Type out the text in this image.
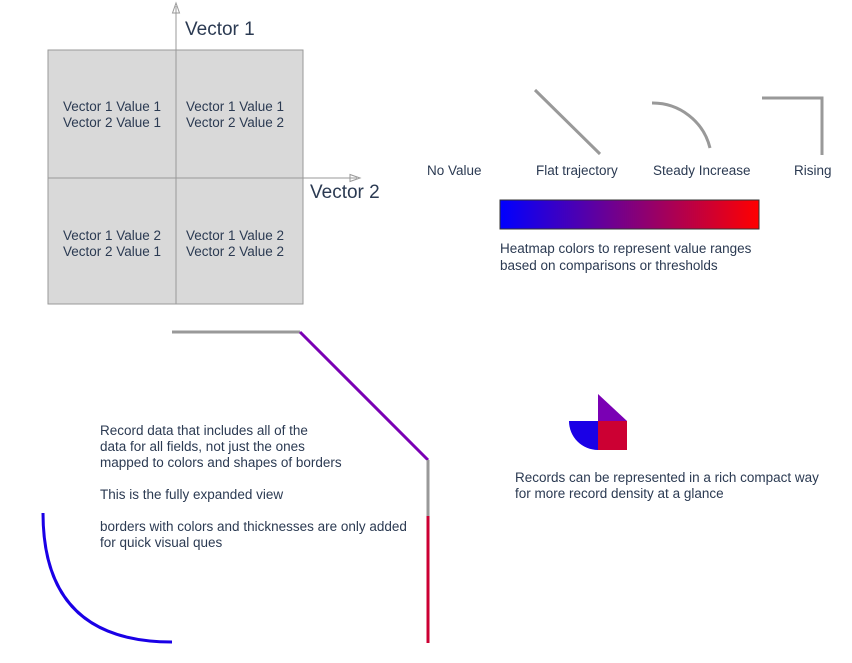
Vector 1
Vector 2
Vector 1 Value 1
Vector 2 Value 1
Vector 1 Value 1
Vector 2 Value 2
Vector 1 Value 2
Vector 2 Value 1
Vector 1 Value 2
Vector 2 Value 2
No Value	Flat trajectory	Steady Increase	Rising
Heatmap colors to represent value ranges
based on comparisons or thresholds
Record data that includes all of the
data for all fields, not just the ones
mapped to colors and shapes of borders
This is the fully expanded view
borders with colors and thicknesses are only added
for quick visual ques
Records can be represented in a rich compact way
for more record density at a glance
